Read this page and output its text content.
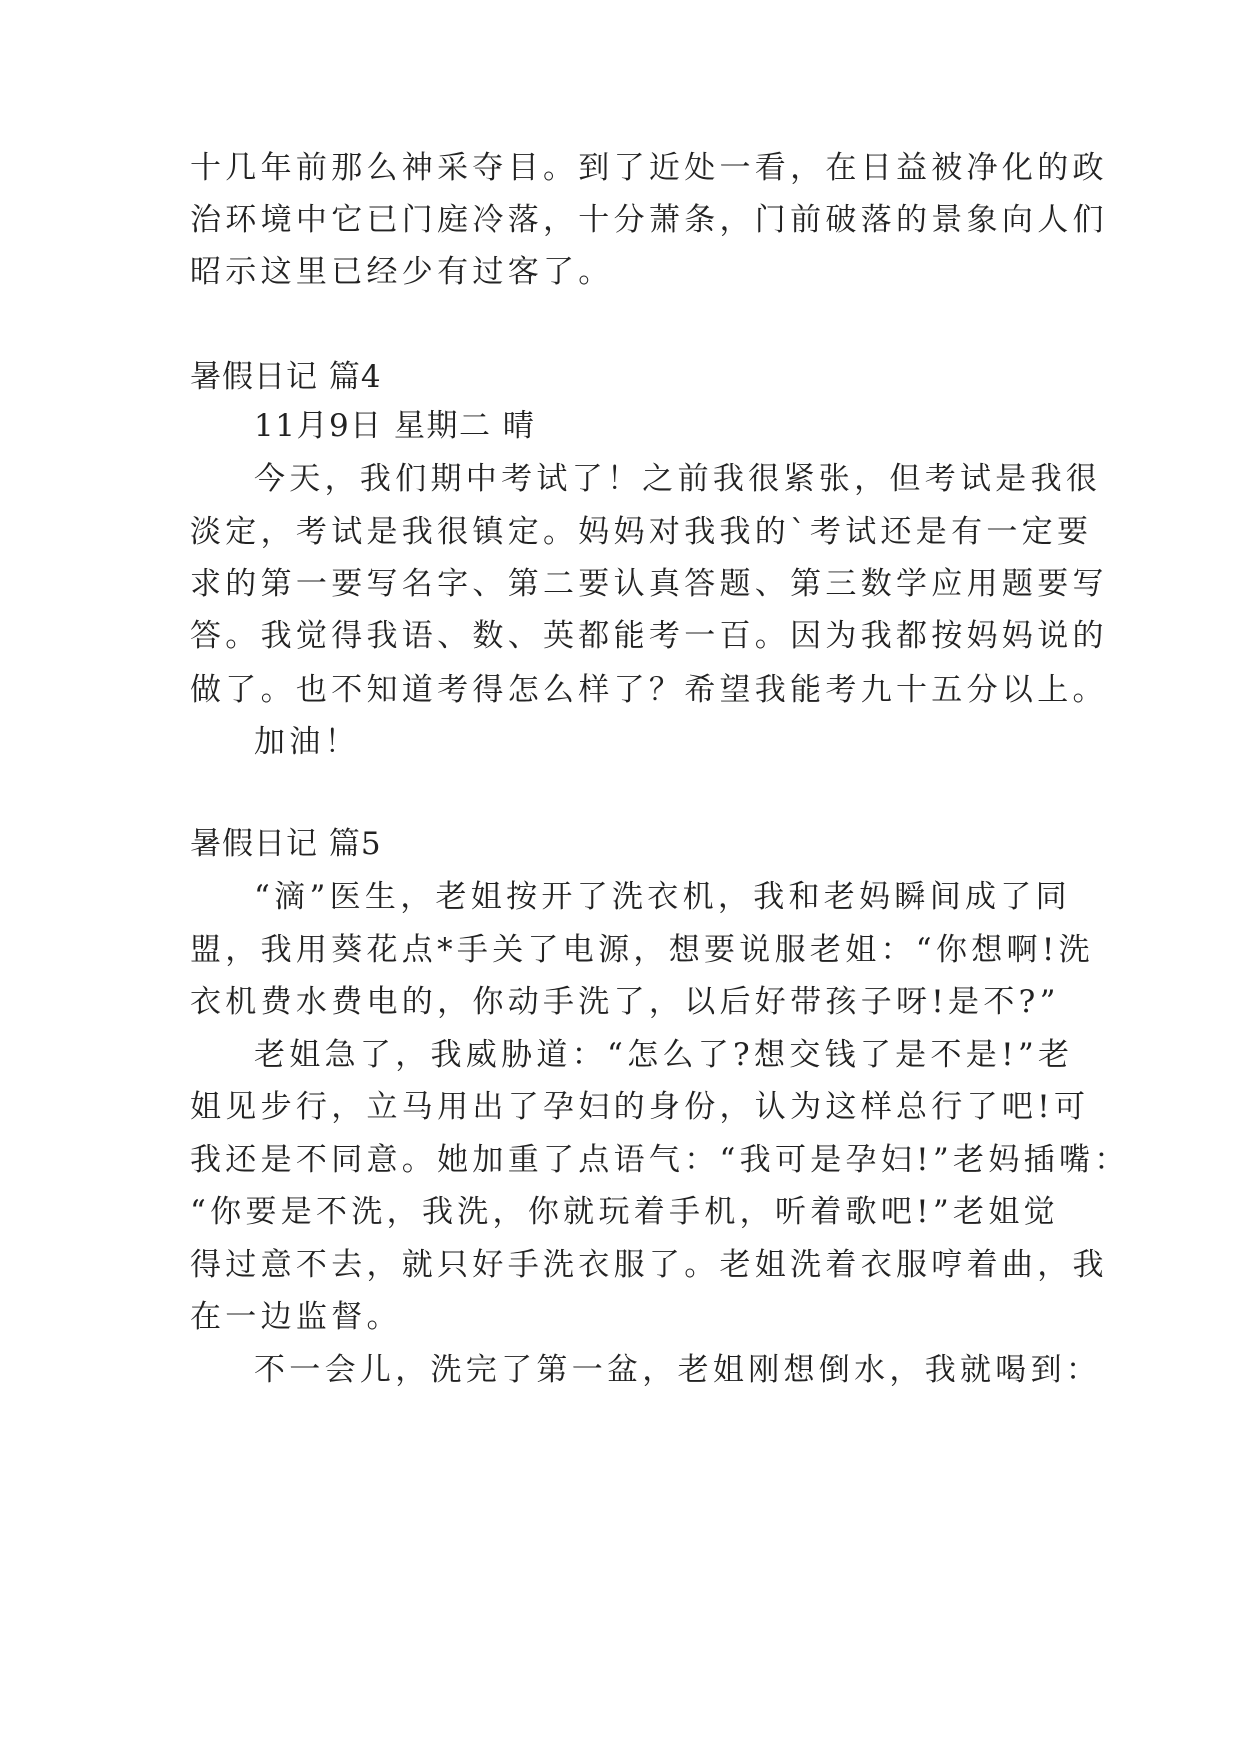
十几年前那么神采夺目。到了近处一看，在日益被净化的政
治环境中它已门庭冷落，十分萧条，门前破落的景象向人们
昭示这里已经少有过客了。
暑假日记 篇4
11月9日 星期二 晴
今天，我们期中考试了！之前我很紧张，但考试是我很
淡定，考试是我很镇定。妈妈对我我的`考试还是有一定要
求的第一要写名字、第二要认真答题、第三数学应用题要写
答。我觉得我语、数、英都能考一百。因为我都按妈妈说的
做了。也不知道考得怎么样了？希望我能考九十五分以上。
加油！
暑假日记 篇5
“滴”医生，老姐按开了洗衣机，我和老妈瞬间成了同
盟，我用葵花点*手关了电源，想要说服老姐：“你想啊!洗
衣机费水费电的，你动手洗了，以后好带孩子呀!是不?”
老姐急了，我威胁道：“怎么了?想交钱了是不是!”老
姐见步行，立马用出了孕妇的身份，认为这样总行了吧!可
我还是不同意。她加重了点语气：“我可是孕妇!”老妈插嘴：
“你要是不洗，我洗，你就玩着手机，听着歌吧!”老姐觉
得过意不去，就只好手洗衣服了。老姐洗着衣服哼着曲，我
在一边监督。
不一会儿，洗完了第一盆，老姐刚想倒水，我就喝到：
